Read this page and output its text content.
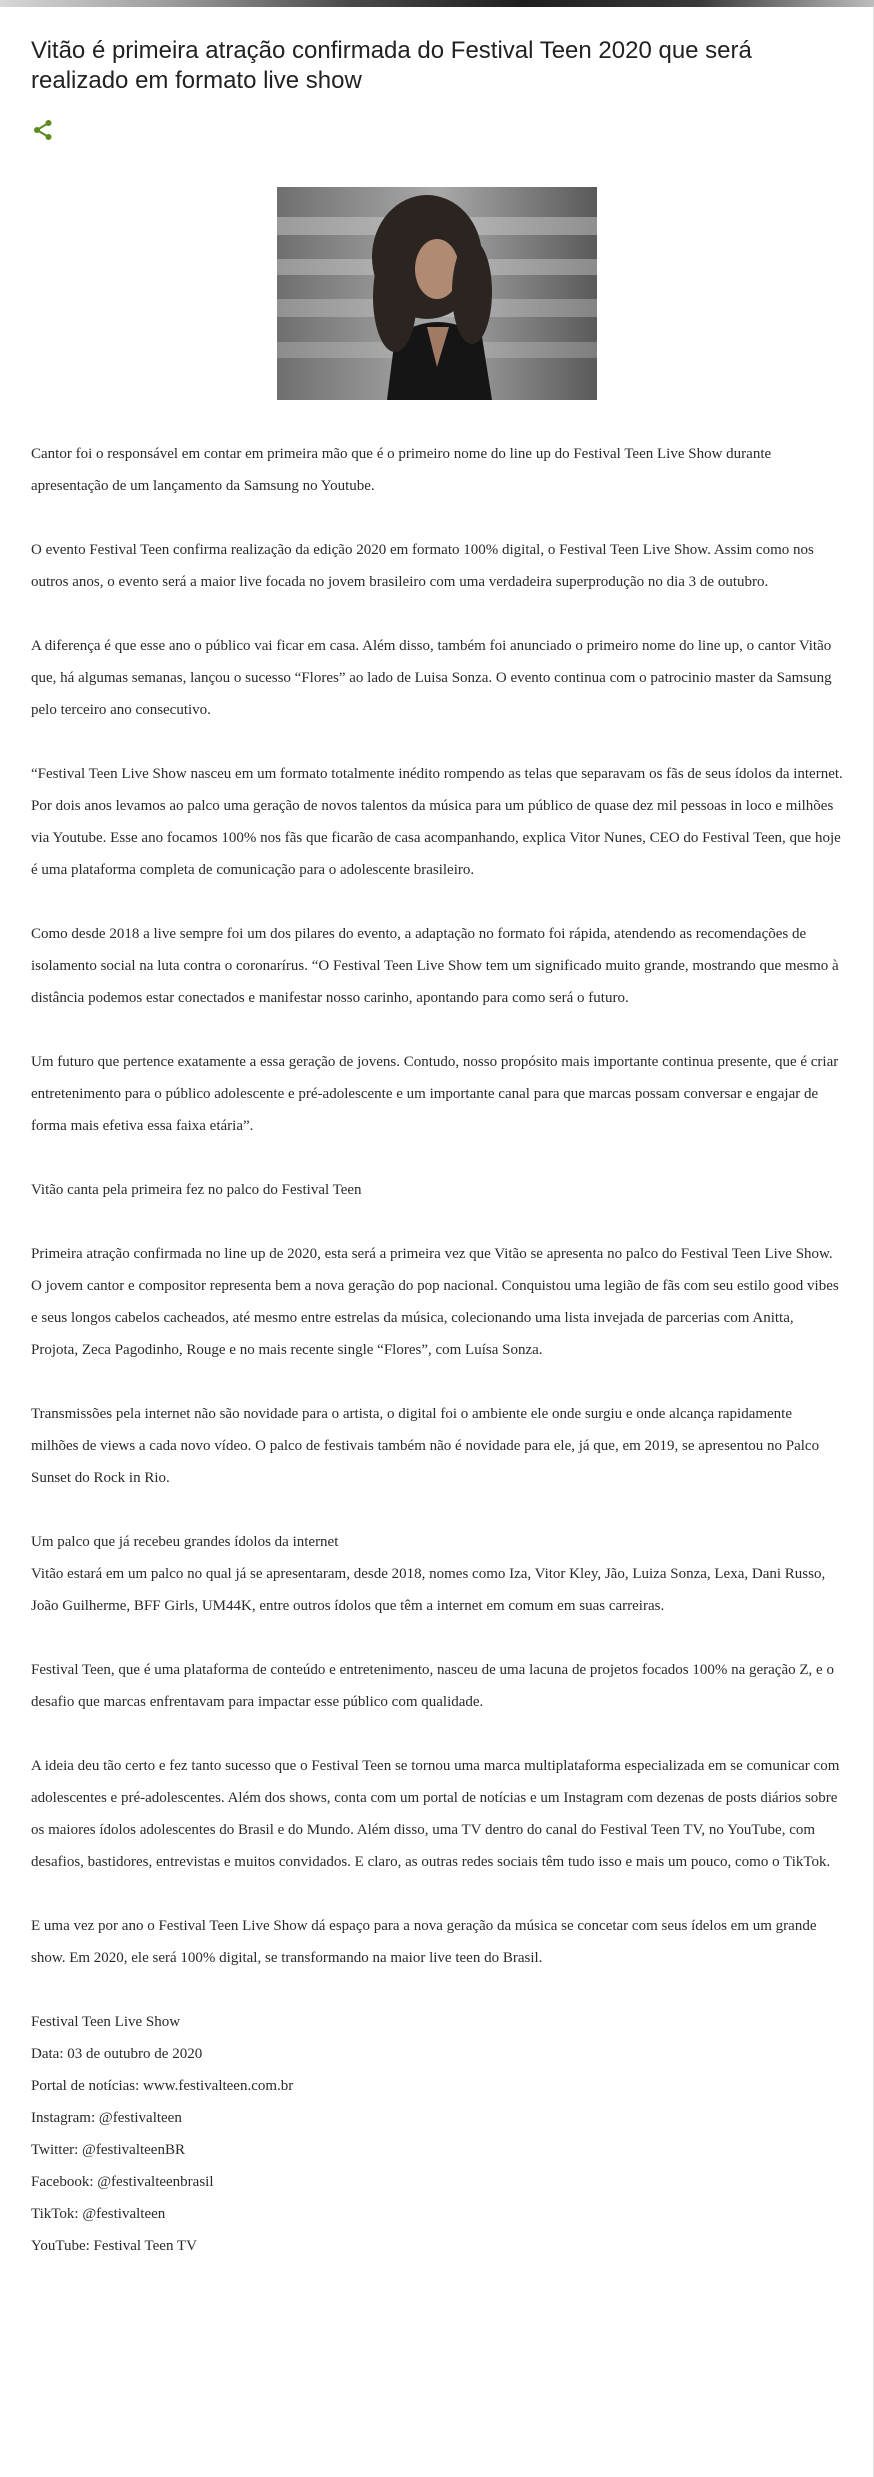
Vitão é primeira atração confirmada do Festival Teen 2020 que será realizado em formato live show

Cantor foi o responsável em contar em primeira mão que é o primeiro nome do line up do Festival Teen Live Show durante apresentação de um lançamento da Samsung no Youtube.

O evento Festival Teen confirma realização da edição 2020 em formato 100% digital, o Festival Teen Live Show. Assim como nos outros anos, o evento será a maior live focada no jovem brasileiro com uma verdadeira superprodução no dia 3 de outubro.

A diferença é que esse ano o público vai ficar em casa. Além disso, também foi anunciado o primeiro nome do line up, o cantor Vitão que, há algumas semanas, lançou o sucesso “Flores” ao lado de Luisa Sonza. O evento continua com o patrocinio master da Samsung pelo terceiro ano consecutivo.

“Festival Teen Live Show nasceu em um formato totalmente inédito rompendo as telas que separavam os fãs de seus ídolos da internet. Por dois anos levamos ao palco uma geração de novos talentos da música para um público de quase dez mil pessoas in loco e milhões via Youtube. Esse ano focamos 100% nos fãs que ficarão de casa acompanhando, explica Vitor Nunes, CEO do Festival Teen, que hoje é uma plataforma completa de comunicação para o adolescente brasileiro.

Como desde 2018 a live sempre foi um dos pilares do evento, a adaptação no formato foi rápida, atendendo as recomendações de isolamento social na luta contra o coronarírus. “O Festival Teen Live Show tem um significado muito grande, mostrando que mesmo à distância podemos estar conectados e manifestar nosso carinho, apontando para como será o futuro.

Um futuro que pertence exatamente a essa geração de jovens. Contudo, nosso propósito mais importante continua presente, que é criar entretenimento para o público adolescente e pré-adolescente e um importante canal para que marcas possam conversar e engajar de forma mais efetiva essa faixa etária”.

Vitão canta pela primeira fez no palco do Festival Teen

Primeira atração confirmada no line up de 2020, esta será a primeira vez que Vitão se apresenta no palco do Festival Teen Live Show. O jovem cantor e compositor representa bem a nova geração do pop nacional. Conquistou uma legião de fãs com seu estilo good vibes e seus longos cabelos cacheados, até mesmo entre estrelas da música, colecionando uma lista invejada de parcerias com Anitta, Projota, Zeca Pagodinho, Rouge e no mais recente single “Flores”, com Luísa Sonza.

Transmissões pela internet não são novidade para o artista, o digital foi o ambiente ele onde surgiu e onde alcança rapidamente milhões de views a cada novo vídeo. O palco de festivais também não é novidade para ele, já que, em 2019, se apresentou no Palco Sunset do Rock in Rio.

Um palco que já recebeu grandes ídolos da internet

Vitão estará em um palco no qual já se apresentaram, desde 2018, nomes como Iza, Vitor Kley, Jão, Luiza Sonza, Lexa, Dani Russo, João Guilherme, BFF Girls, UM44K, entre outros ídolos que têm a internet em comum em suas carreiras.

Festival Teen, que é uma plataforma de conteúdo e entretenimento, nasceu de uma lacuna de projetos focados 100% na geração Z, e o desafio que marcas enfrentavam para impactar esse público com qualidade.

A ideia deu tão certo e fez tanto sucesso que o Festival Teen se tornou uma marca multiplataforma especializada em se comunicar com adolescentes e pré-adolescentes. Além dos shows, conta com um portal de notícias e um Instagram com dezenas de posts diários sobre os maiores ídolos adolescentes do Brasil e do Mundo. Além disso, uma TV dentro do canal do Festival Teen TV, no YouTube, com desafios, bastidores, entrevistas e muitos convidados. E claro, as outras redes sociais têm tudo isso e mais um pouco, como o TikTok.

E uma vez por ano o Festival Teen Live Show dá espaço para a nova geração da música se concetar com seus ídelos em um grande show. Em 2020, ele será 100% digital, se transformando na maior live teen do Brasil.

Festival Teen Live Show
Data: 03 de outubro de 2020
Portal de notícias: www.festivalteen.com.br
Instagram: @festivalteen
Twitter: @festivalteenBR
Facebook: @festivalteenbrasil
TikTok: @festivalteen
YouTube: Festival Teen TV
